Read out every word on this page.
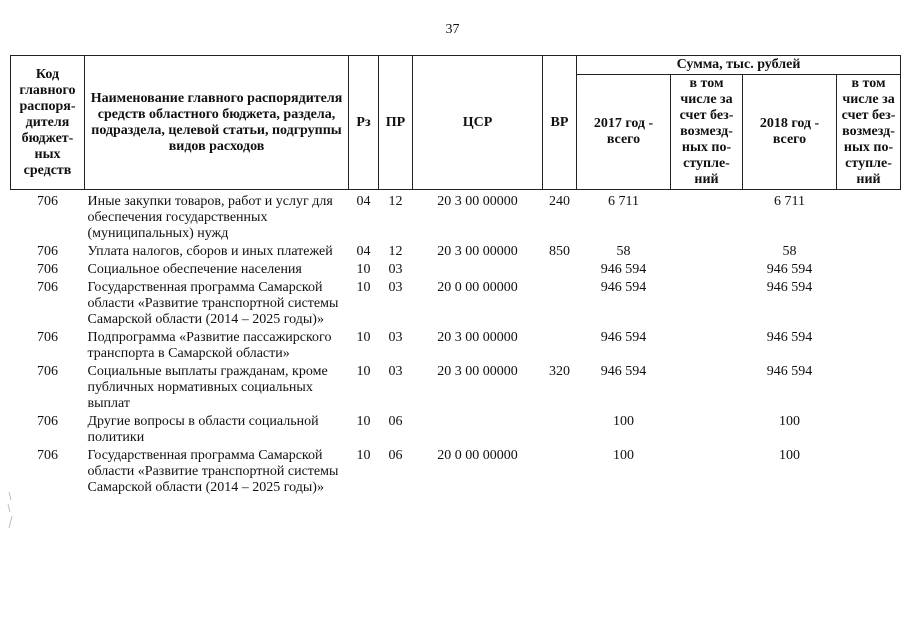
37
Код главного распоря-дителя бюджет-ных средств	Наименование главного распорядителя средств областного бюджета, раздела, подраздела, целевой статьи, подгруппы видов расходов	Рз	ПР	ЦСР	ВР	Сумма, тыс. рублей			
						2017 год - всего	в том числе за счет без-возмезд-ных по-ступле-ний	2018 год - всего	в том числе за счет без-возмезд-ных по-ступле-ний
706	Иные закупки товаров, работ и услуг для обеспечения государственных (муниципальных) нужд	04	12	20 3 00 00000	240	6 711		6 711	
706	Уплата налогов, сборов и иных платежей	04	12	20 3 00 00000	850	58		58	
706	Социальное обеспечение населения	10	03			946 594		946 594	
706	Государственная программа Самарской области «Развитие транспортной системы Самарской области (2014 – 2025 годы)»	10	03	20 0 00 00000		946 594		946 594	
706	Подпрограмма «Развитие пассажирского транспорта в Самарской области»	10	03	20 3 00 00000		946 594		946 594	
706	Социальные выплаты гражданам, кроме публичных нормативных социальных выплат	10	03	20 3 00 00000	320	946 594		946 594	
706	Другие вопросы в области социальной политики	10	06			100		100	
706	Государственная программа Самарской области «Развитие транспортной системы Самарской области (2014 – 2025 годы)»	10	06	20 0 00 00000		100		100	
